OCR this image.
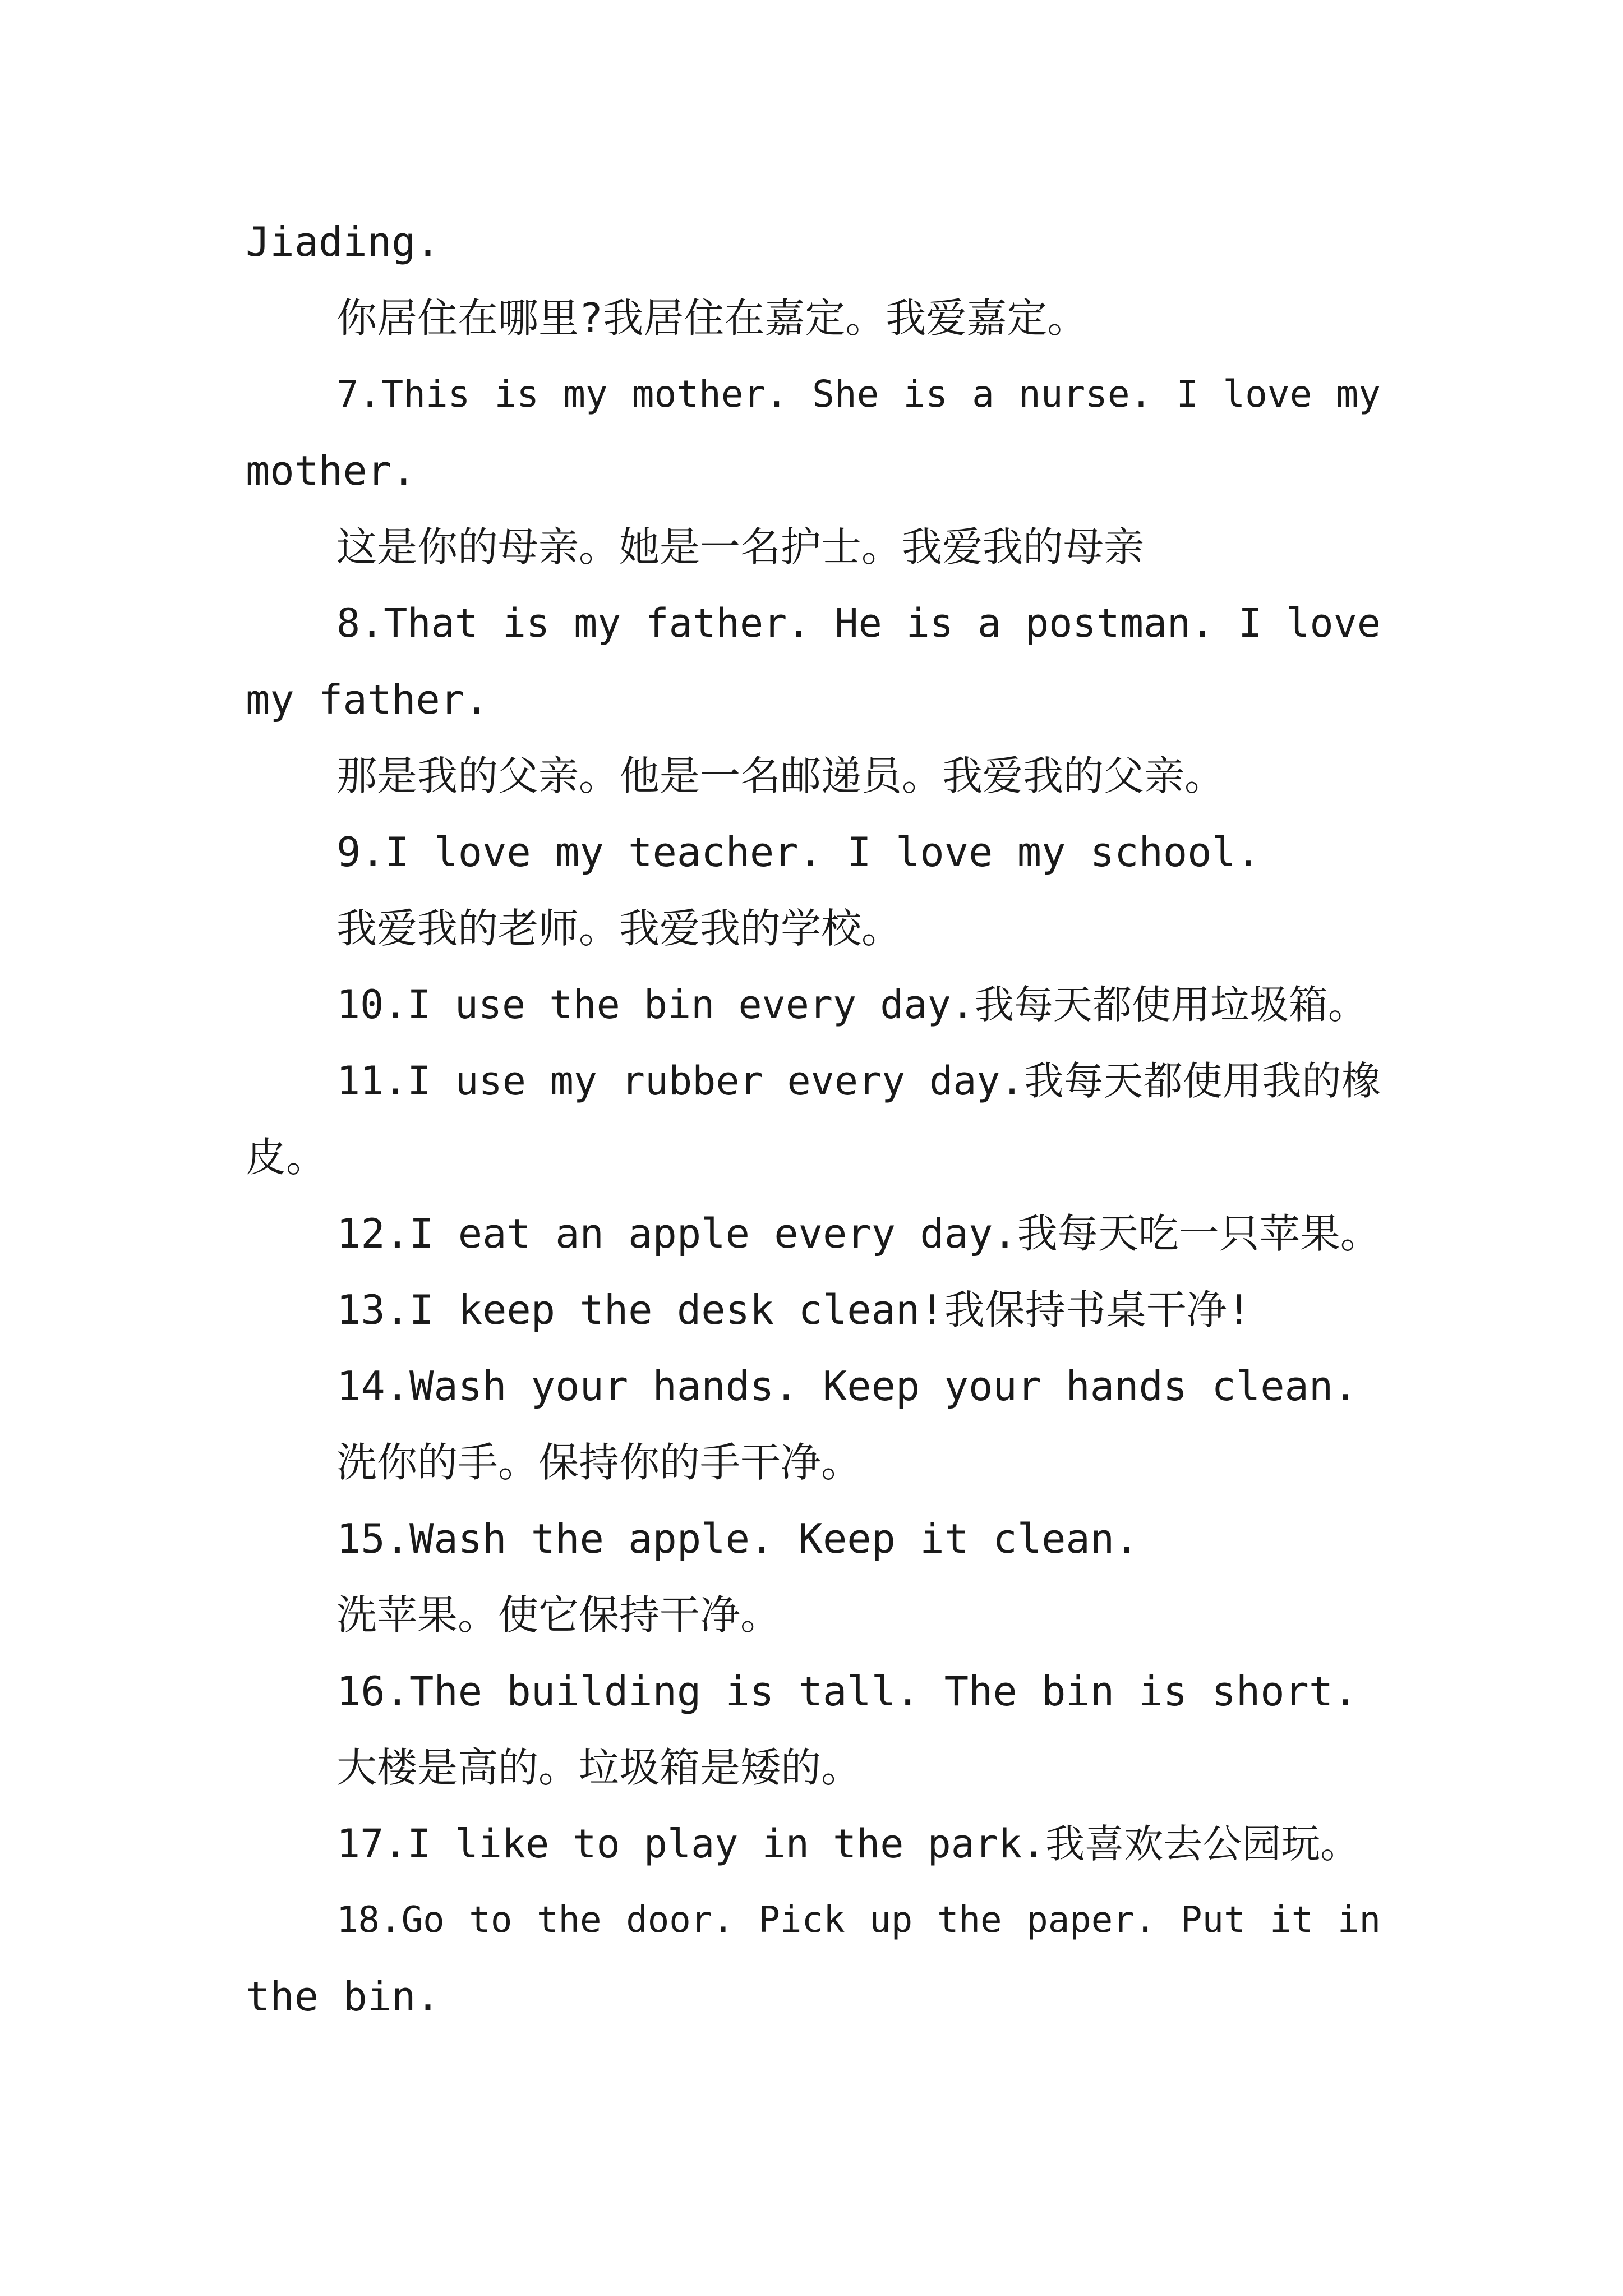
Jiading.
你居住在哪里?我居住在嘉定。我爱嘉定。
7.This is my mother. She is a nurse. I love my
mother.
这是你的母亲。她是一名护士。我爱我的母亲
8.That is my father. He is a postman. I love
my father.
那是我的父亲。他是一名邮递员。我爱我的父亲。
9.I love my teacher. I love my school.
我爱我的老师。我爱我的学校。
10.I use the bin every day.我每天都使用垃圾箱。
11.I use my rubber every day.我每天都使用我的橡
皮。
12.I eat an apple every day.我每天吃一只苹果。
13.I keep the desk clean!我保持书桌干净!
14.Wash your hands. Keep your hands clean.
洗你的手。保持你的手干净。
15.Wash the apple. Keep it clean.
洗苹果。使它保持干净。
16.The building is tall. The bin is short.
大楼是高的。垃圾箱是矮的。
17.I like to play in the park.我喜欢去公园玩。
18.Go to the door. Pick up the paper. Put it in
the bin.
